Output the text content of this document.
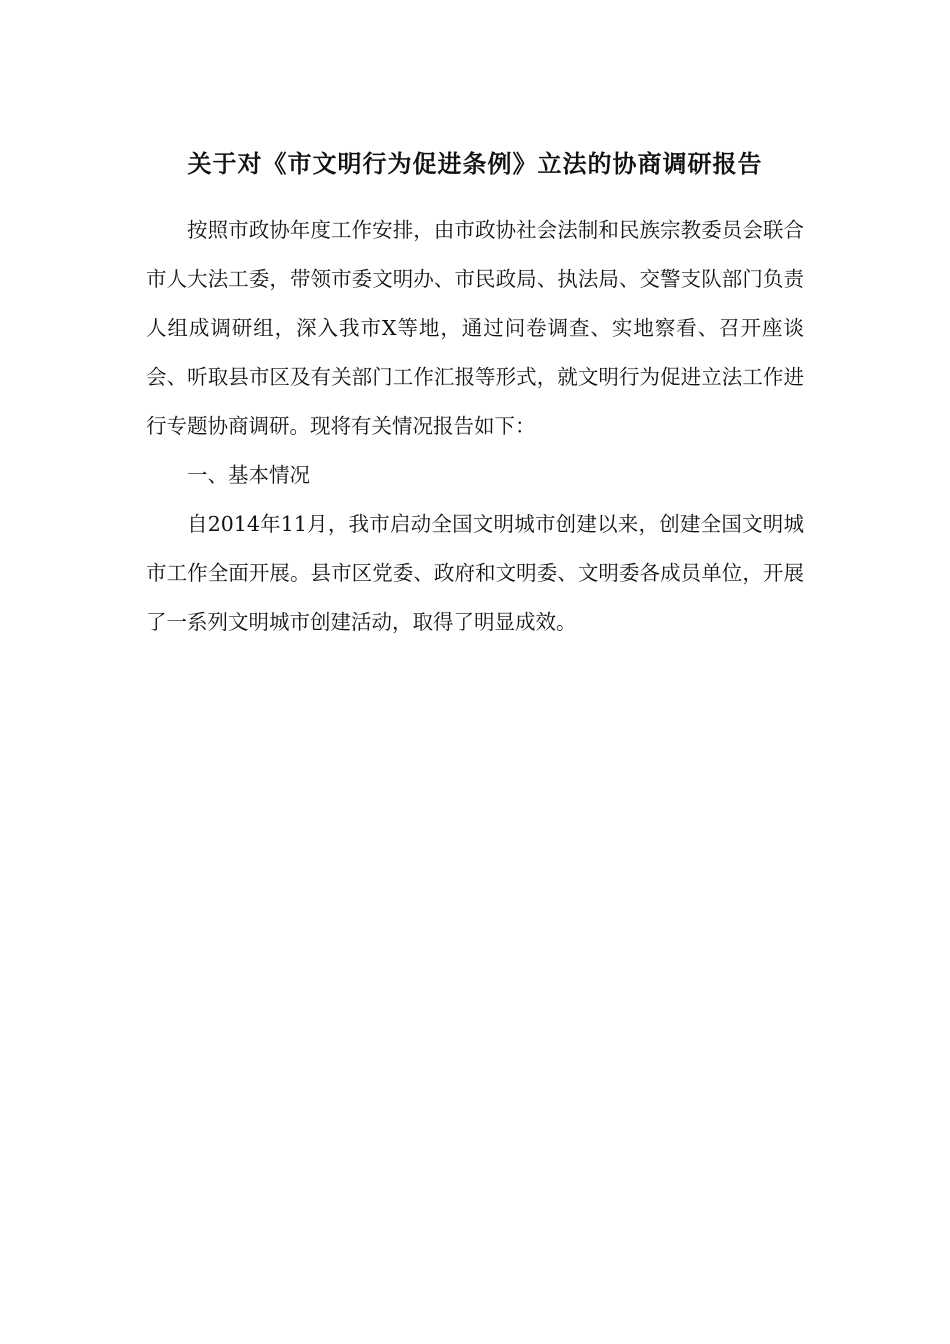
关于对《市文明行为促进条例》立法的协商调研报告

按照市政协年度工作安排，由市政协社会法制和民族宗教委员会联合市人大法工委，带领市委文明办、市民政局、执法局、交警支队部门负责人组成调研组，深入我市X等地，通过问卷调查、实地察看、召开座谈会、听取县市区及有关部门工作汇报等形式，就文明行为促进立法工作进行专题协商调研。现将有关情况报告如下：

一、基本情况

自2014年11月，我市启动全国文明城市创建以来，创建全国文明城市工作全面开展。县市区党委、政府和文明委、文明委各成员单位，开展了一系列文明城市创建活动，取得了明显成效。
